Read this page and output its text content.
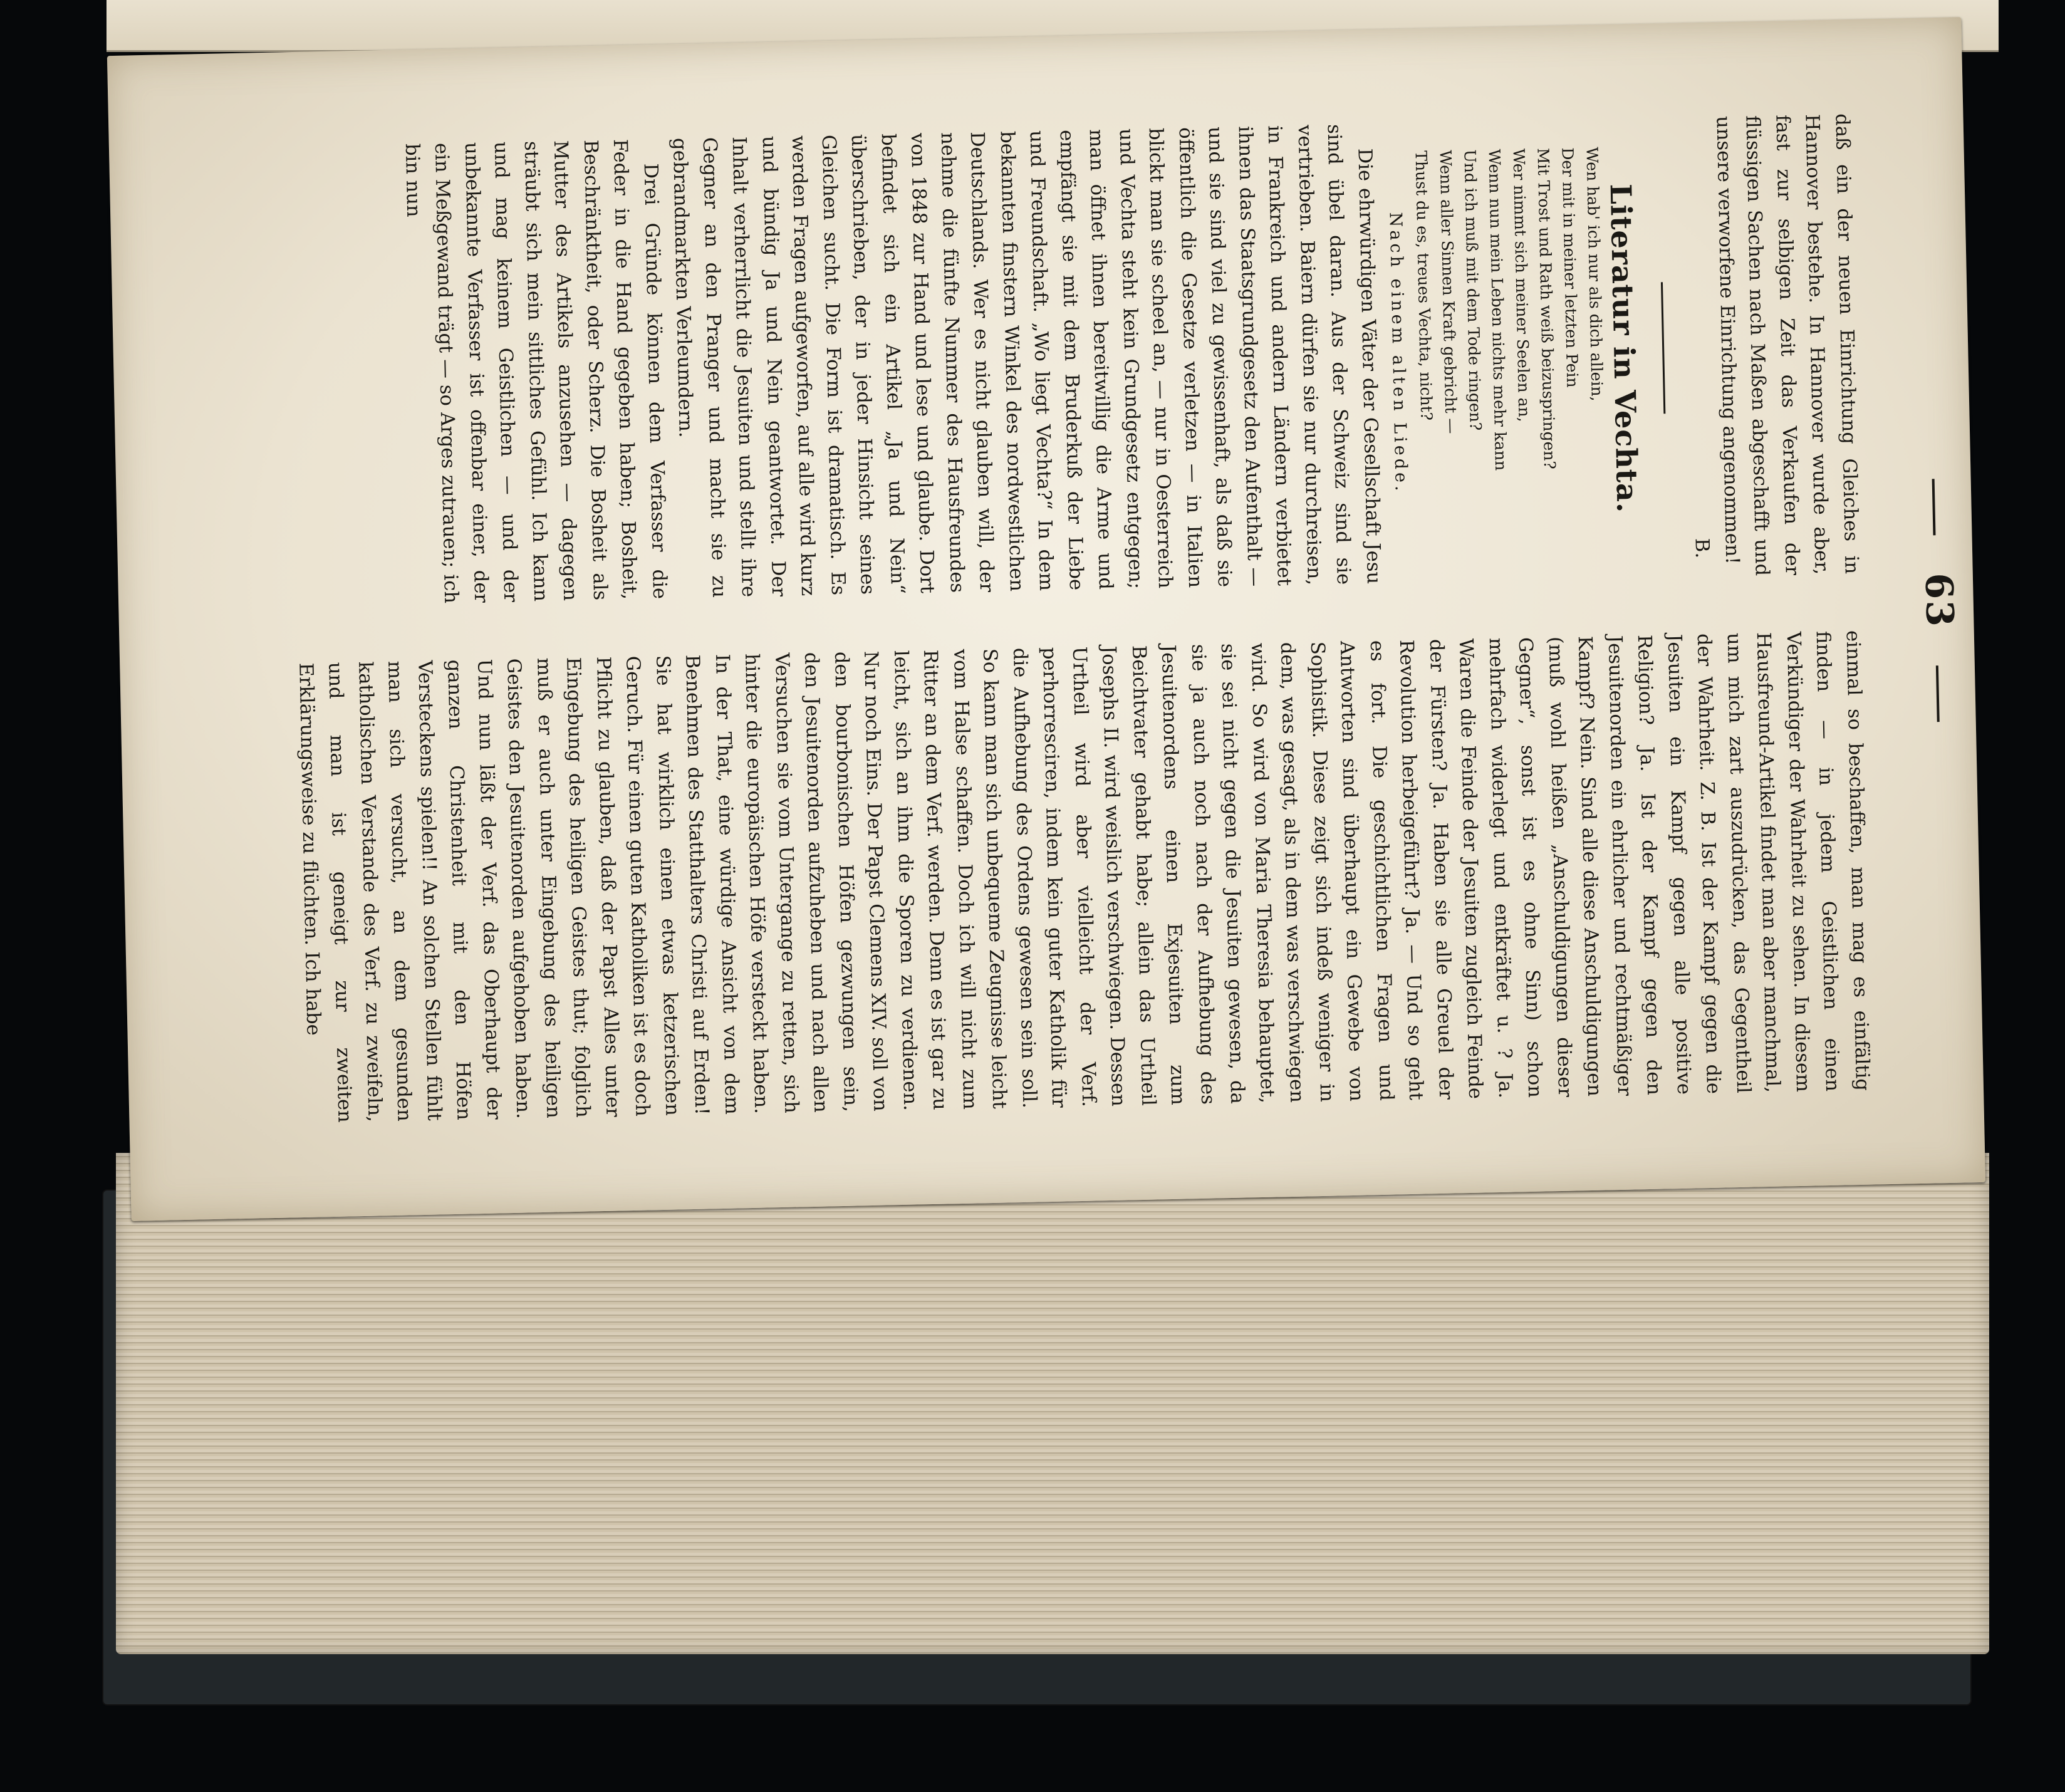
63

daß ein der neuen Einrichtung Gleiches in Hannover bestehe. In Hannover wurde aber, fast zur selbigen Zeit das Verkaufen der flüssigen Sachen nach Maßen abgeschafft und unsere verworfene Einrichtung angenommen!

B.

Literatur in Vechta.

Wen hab' ich nur als dich allein,
Der mit in meiner letzten Pein
Mit Trost und Rath weiß beizuspringen?
Wer nimmt sich meiner Seelen an,
Wenn nun mein Leben nichts mehr kann
Und ich muß mit dem Tode ringen?
Wenn aller Sinnen Kraft gebricht —
Thust du es, treues Vechta, nicht?

Nach einem alten Liede.

Die ehrwürdigen Väter der Gesellschaft Jesu sind übel daran. Aus der Schweiz sind sie vertrieben. Baiern dürfen sie nur durchreisen, in Frankreich und andern Ländern verbietet ihnen das Staatsgrundgesetz den Aufenthalt — und sie sind viel zu gewissenhaft, als daß sie öffentlich die Gesetze verletzen — in Italien blickt man sie scheel an, — nur in Oesterreich und Vechta steht kein Grundgesetz entgegen; man öffnet ihnen bereitwillig die Arme und empfängt sie mit dem Bruderkuß der Liebe und Freundschaft. „Wo liegt Vechta?“ In dem bekannten finstern Winkel des nordwestlichen Deutschlands. Wer es nicht glauben will, der nehme die fünfte Nummer des Hausfreundes von 1848 zur Hand und lese und glaube. Dort befindet sich ein Artikel „Ja und Nein“ überschrieben, der in jeder Hinsicht seines Gleichen sucht. Die Form ist dramatisch. Es werden Fragen aufgeworfen, auf alle wird kurz und bündig Ja und Nein geantwortet. Der Inhalt verherrlicht die Jesuiten und stellt ihre Gegner an den Pranger und macht sie zu gebrandmarkten Verleumdern.

Drei Gründe können dem Verfasser die Feder in die Hand gegeben haben; Bosheit, Beschränktheit, oder Scherz. Die Bosheit als Mutter des Artikels anzusehen — dagegen sträubt sich mein sittliches Gefühl. Ich kann und mag keinem Geistlichen — und der unbekannte Verfasser ist offenbar einer, der ein Meßgewand trägt — so Arges zutrauen; ich bin nun

einmal so beschaffen, man mag es einfältig finden — in jedem Geistlichen einen Verkündiger der Wahrheit zu sehen. In diesem Hausfreund-Artikel findet man aber manchmal, um mich zart auszudrücken, das Gegentheil der Wahrheit. Z. B. Ist der Kampf gegen die Jesuiten ein Kampf gegen alle positive Religion? Ja. Ist der Kampf gegen den Jesuitenorden ein ehrlicher und rechtmäßiger Kampf? Nein. Sind alle diese Anschuldigungen (muß wohl heißen „Anschuldigungen dieser Gegner“, sonst ist es ohne Sinn) schon mehrfach widerlegt und entkräftet u. ? Ja. Waren die Feinde der Jesuiten zugleich Feinde der Fürsten? Ja. Haben sie alle Greuel der Revolution herbeigeführt? Ja. — Und so geht es fort. Die geschichtlichen Fragen und Antworten sind überhaupt ein Gewebe von Sophistik. Diese zeigt sich indeß weniger in dem, was gesagt, als in dem was verschwiegen wird. So wird von Maria Theresia behauptet, sie sei nicht gegen die Jesuiten gewesen, da sie ja auch noch nach der Aufhebung des Jesuitenordens einen Exjesuiten zum Beichtvater gehabt habe; allein das Urtheil Josephs II. wird weislich verschwiegen. Dessen Urtheil wird aber vielleicht der Verf. perhorresciren, indem kein guter Katholik für die Aufhebung des Ordens gewesen sein soll. So kann man sich unbequeme Zeugnisse leicht vom Halse schaffen. Doch ich will nicht zum Ritter an dem Verf. werden. Denn es ist gar zu leicht, sich an ihm die Sporen zu verdienen. Nur noch Eins. Der Papst Clemens XIV. soll von den bourbonischen Höfen gezwungen sein, den Jesuitenorden aufzuheben und nach allen Versuchen sie vom Untergange zu retten, sich hinter die europäischen Höfe versteckt haben. In der That, eine würdige Ansicht von dem Benehmen des Statthalters Christi auf Erden! Sie hat wirklich einen etwas ketzerischen Geruch. Für einen guten Katholiken ist es doch Pflicht zu glauben, daß der Papst Alles unter Eingebung des heiligen Geistes thut; folglich muß er auch unter Eingebung des heiligen Geistes den Jesuitenorden aufgehoben haben. Und nun läßt der Verf. das Oberhaupt der ganzen Christenheit mit den Höfen Versteckens spielen!! An solchen Stellen fühlt man sich versucht, an dem gesunden katholischen Verstande des Verf. zu zweifeln, und man ist geneigt zur zweiten Erklärungsweise zu flüchten. Ich habe
